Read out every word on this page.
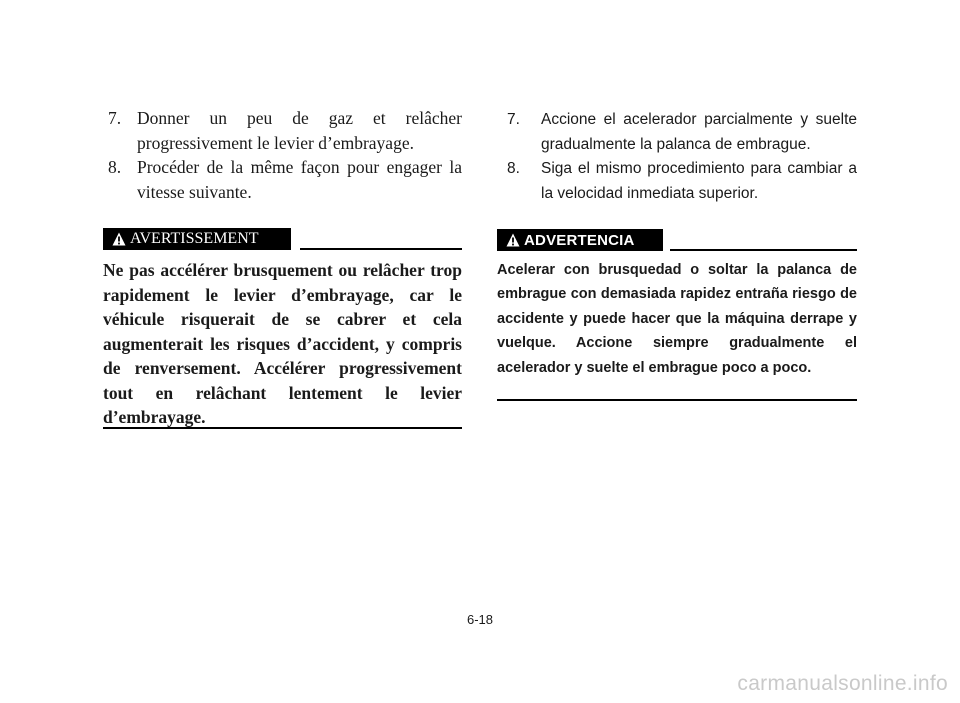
7. Donner un peu de gaz et relâcher progressivement le levier d’embrayage.
8. Procéder de la même façon pour engager la vitesse suivante.
AVERTISSEMENT

Ne pas accélérer brusquement ou relâcher trop rapidement le levier d’embrayage, car le véhicule risquerait de se cabrer et cela augmenterait les risques d’accident, y compris de renversement. Accélérer progressivement tout en relâchant lentement le levier d’embrayage.

7.	Accione el acelerador parcialmente y suelte gradualmente la palanca de embrague.
8.	Siga el mismo procedimiento para cambiar a la velocidad inmediata superior.
ADVERTENCIA

Acelerar con brusquedad o soltar la palanca de embrague con demasiada rapidez entraña riesgo de accidente y puede hacer que la máquina derrape y vuelque. Accione siempre gradualmente el acelerador y suelte el embrague poco a poco.

6-18
carmanualsonline.info
